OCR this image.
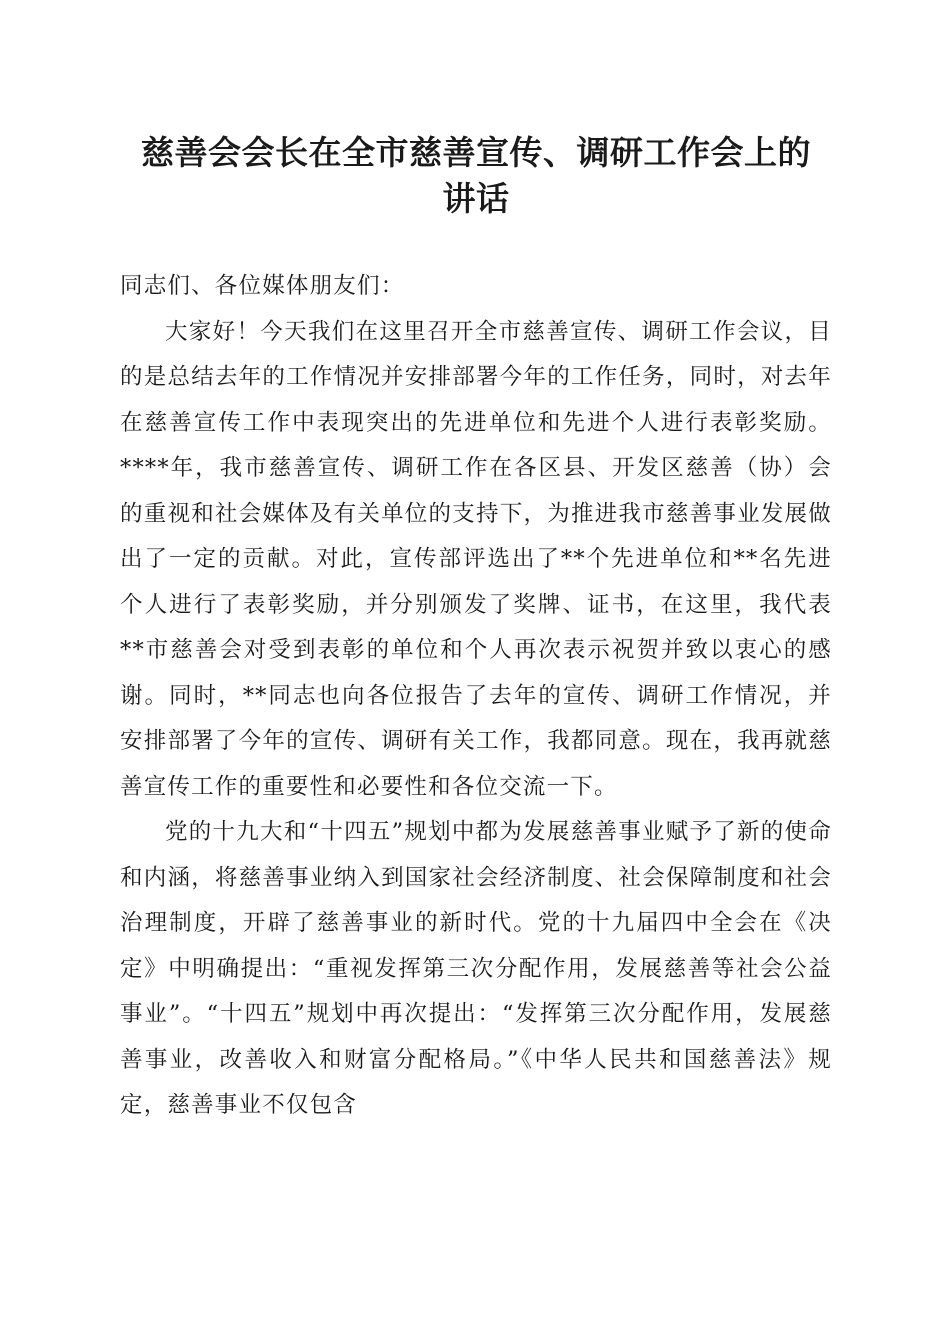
慈善会会长在全市慈善宣传、调研工作会上的
讲话

同志们、各位媒体朋友们：

大家好！今天我们在这里召开全市慈善宣传、调研工作会议，目的是总结去年的工作情况并安排部署今年的工作任务，同时，对去年在慈善宣传工作中表现突出的先进单位和先进个人进行表彰奖励。****年，我市慈善宣传、调研工作在各区县、开发区慈善（协）会的重视和社会媒体及有关单位的支持下，为推进我市慈善事业发展做出了一定的贡献。对此，宣传部评选出了**个先进单位和**名先进个人进行了表彰奖励，并分别颁发了奖牌、证书，在这里，我代表**市慈善会对受到表彰的单位和个人再次表示祝贺并致以衷心的感谢。同时，**同志也向各位报告了去年的宣传、调研工作情况，并安排部署了今年的宣传、调研有关工作，我都同意。现在，我再就慈善宣传工作的重要性和必要性和各位交流一下。

党的十九大和“十四五”规划中都为发展慈善事业赋予了新的使命和内涵，将慈善事业纳入到国家社会经济制度、社会保障制度和社会治理制度，开辟了慈善事业的新时代。党的十九届四中全会在《决定》中明确提出：“重视发挥第三次分配作用，发展慈善等社会公益事业”。“十四五”规划中再次提出：“发挥第三次分配作用，发展慈善事业，改善收入和财富分配格局。”《中华人民共和国慈善法》规定，慈善事业不仅包含
